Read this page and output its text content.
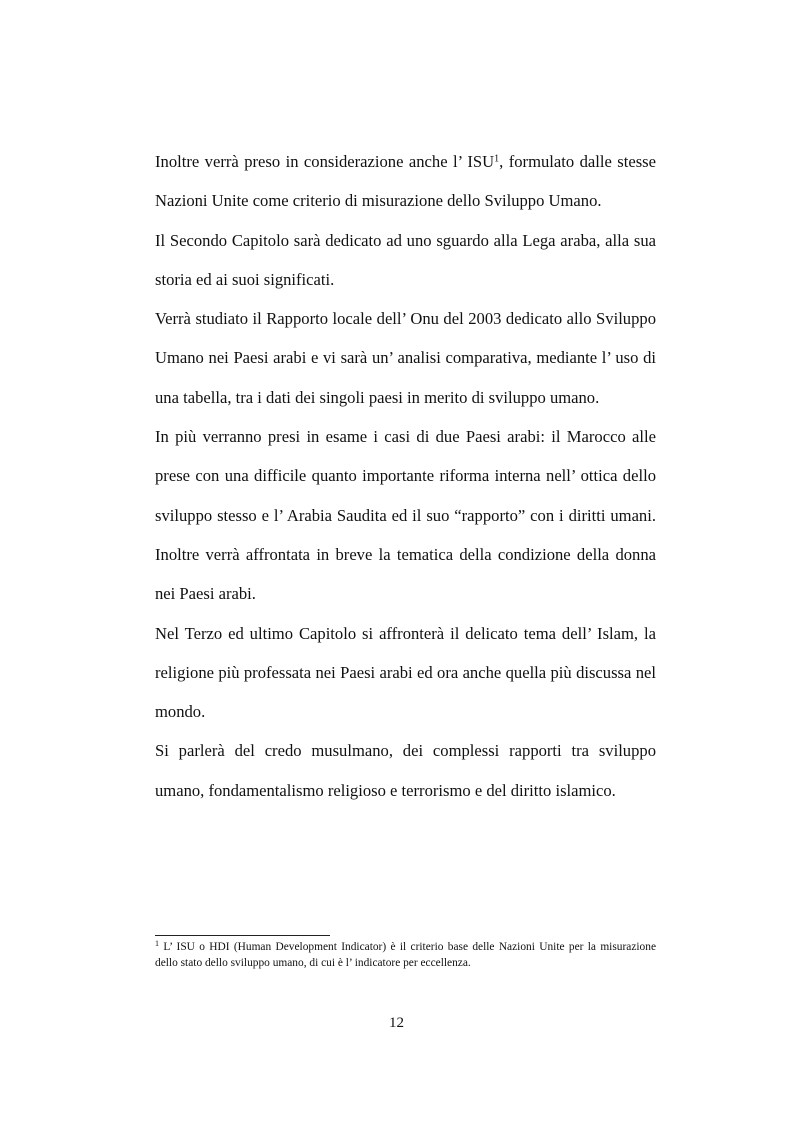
Inoltre verrà preso in considerazione anche l’ ISU$^1$, formulato dalle stesse Nazioni Unite come criterio di misurazione dello Sviluppo Umano.

Il Secondo Capitolo sarà dedicato ad uno sguardo alla Lega araba, alla sua storia ed ai suoi significati.

Verrà studiato il Rapporto locale dell’ Onu del 2003 dedicato allo Sviluppo Umano nei Paesi arabi e vi sarà un’ analisi comparativa, mediante l’ uso di una tabella, tra i dati dei singoli paesi in merito di sviluppo umano.

In più verranno presi in esame i casi di due Paesi arabi: il Marocco alle prese con una difficile quanto importante riforma interna nell’ ottica dello sviluppo stesso e l’ Arabia Saudita ed il suo “rapporto” con i diritti umani. Inoltre verrà affrontata in breve la tematica della condizione della donna nei Paesi arabi.

Nel Terzo ed ultimo Capitolo si affronterà il delicato tema dell’ Islam, la religione più professata nei Paesi arabi ed ora anche quella più discussa nel mondo.

Si parlerà del credo musulmano, dei complessi rapporti tra sviluppo umano, fondamentalismo religioso e terrorismo e del diritto islamico.

$^1$ L’ ISU o HDI (Human Development Indicator) è il criterio base delle Nazioni Unite per la misurazione dello stato dello sviluppo umano, di cui è l’ indicatore per eccellenza.

12
